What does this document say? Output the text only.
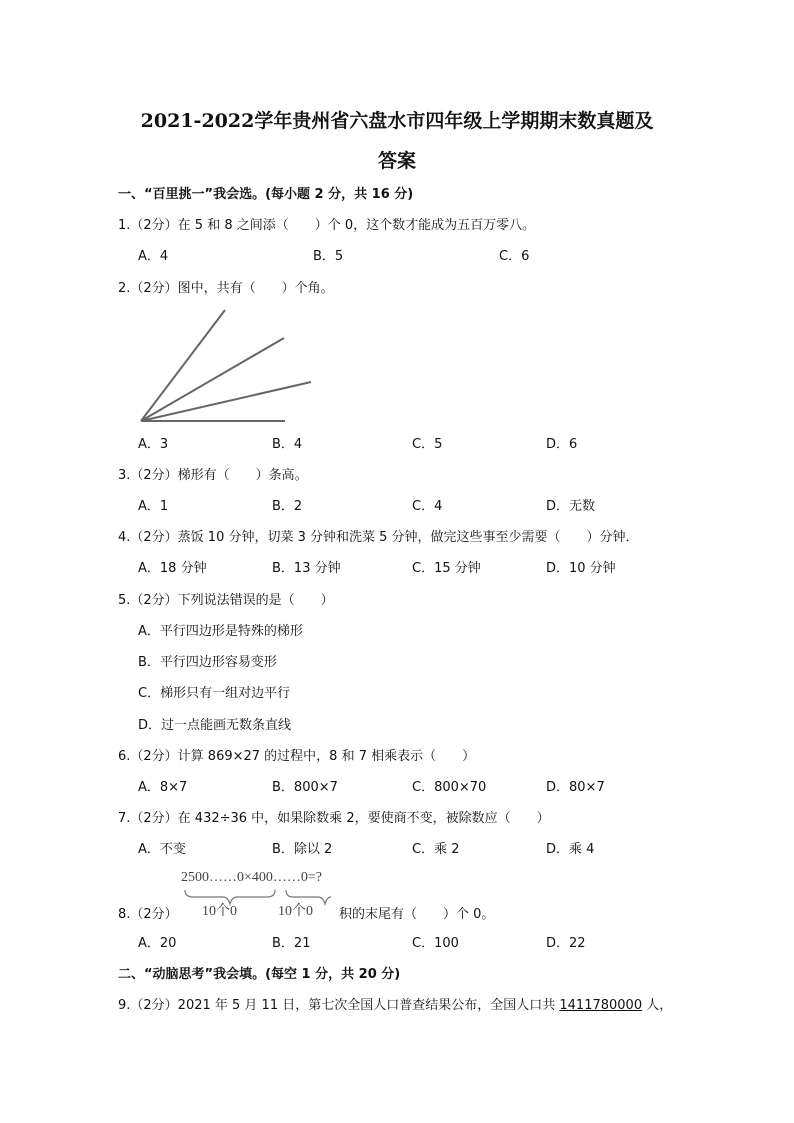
2021-2022学年贵州省六盘水市四年级上学期期末数真题及
答案
一、“百里挑一”我会选。(每小题 2 分，共 16 分)
1.（2分）在 5 和 8 之间添（　　）个 0，这个数才能成为五百万零八。
A．4	B．5	C．6
2.（2分）图中，共有（　　）个角。
A．3	B．4	C．5	D．6
3.（2分）梯形有（　　）条高。
A．1	B．2	C．4	D．无数
4.（2分）蒸饭 10 分钟，切菜 3 分钟和洗菜 5 分钟，做完这些事至少需要（　　）分钟．
A．18 分钟	B．13 分钟	C．15 分钟	D．10 分钟
5.（2分）下列说法错误的是（　　）
A．平行四边形是特殊的梯形
B．平行四边形容易变形
C．梯形只有一组对边平行
D．过一点能画无数条直线
6.（2分）计算 869×27 的过程中，8 和 7 相乘表示（　　）
A．8×7	B．800×7	C．800×70	D．80×7
7.（2分）在 432÷36 中，如果除数乘 2，要使商不变，被除数应（　　）
A．不变	B．除以 2	C．乘 2	D．乘 4
8.（2分）
2500……0×400……0=?
10个0	10个0 积的末尾有（　　）个 0。
A．20	B．21	C．100	D．22
二、“动脑思考”我会填。(每空 1 分，共 20 分)
9.（2分）2021 年 5 月 11 日，第七次全国人口普查结果公布，全国人口共 1411780000 人，
